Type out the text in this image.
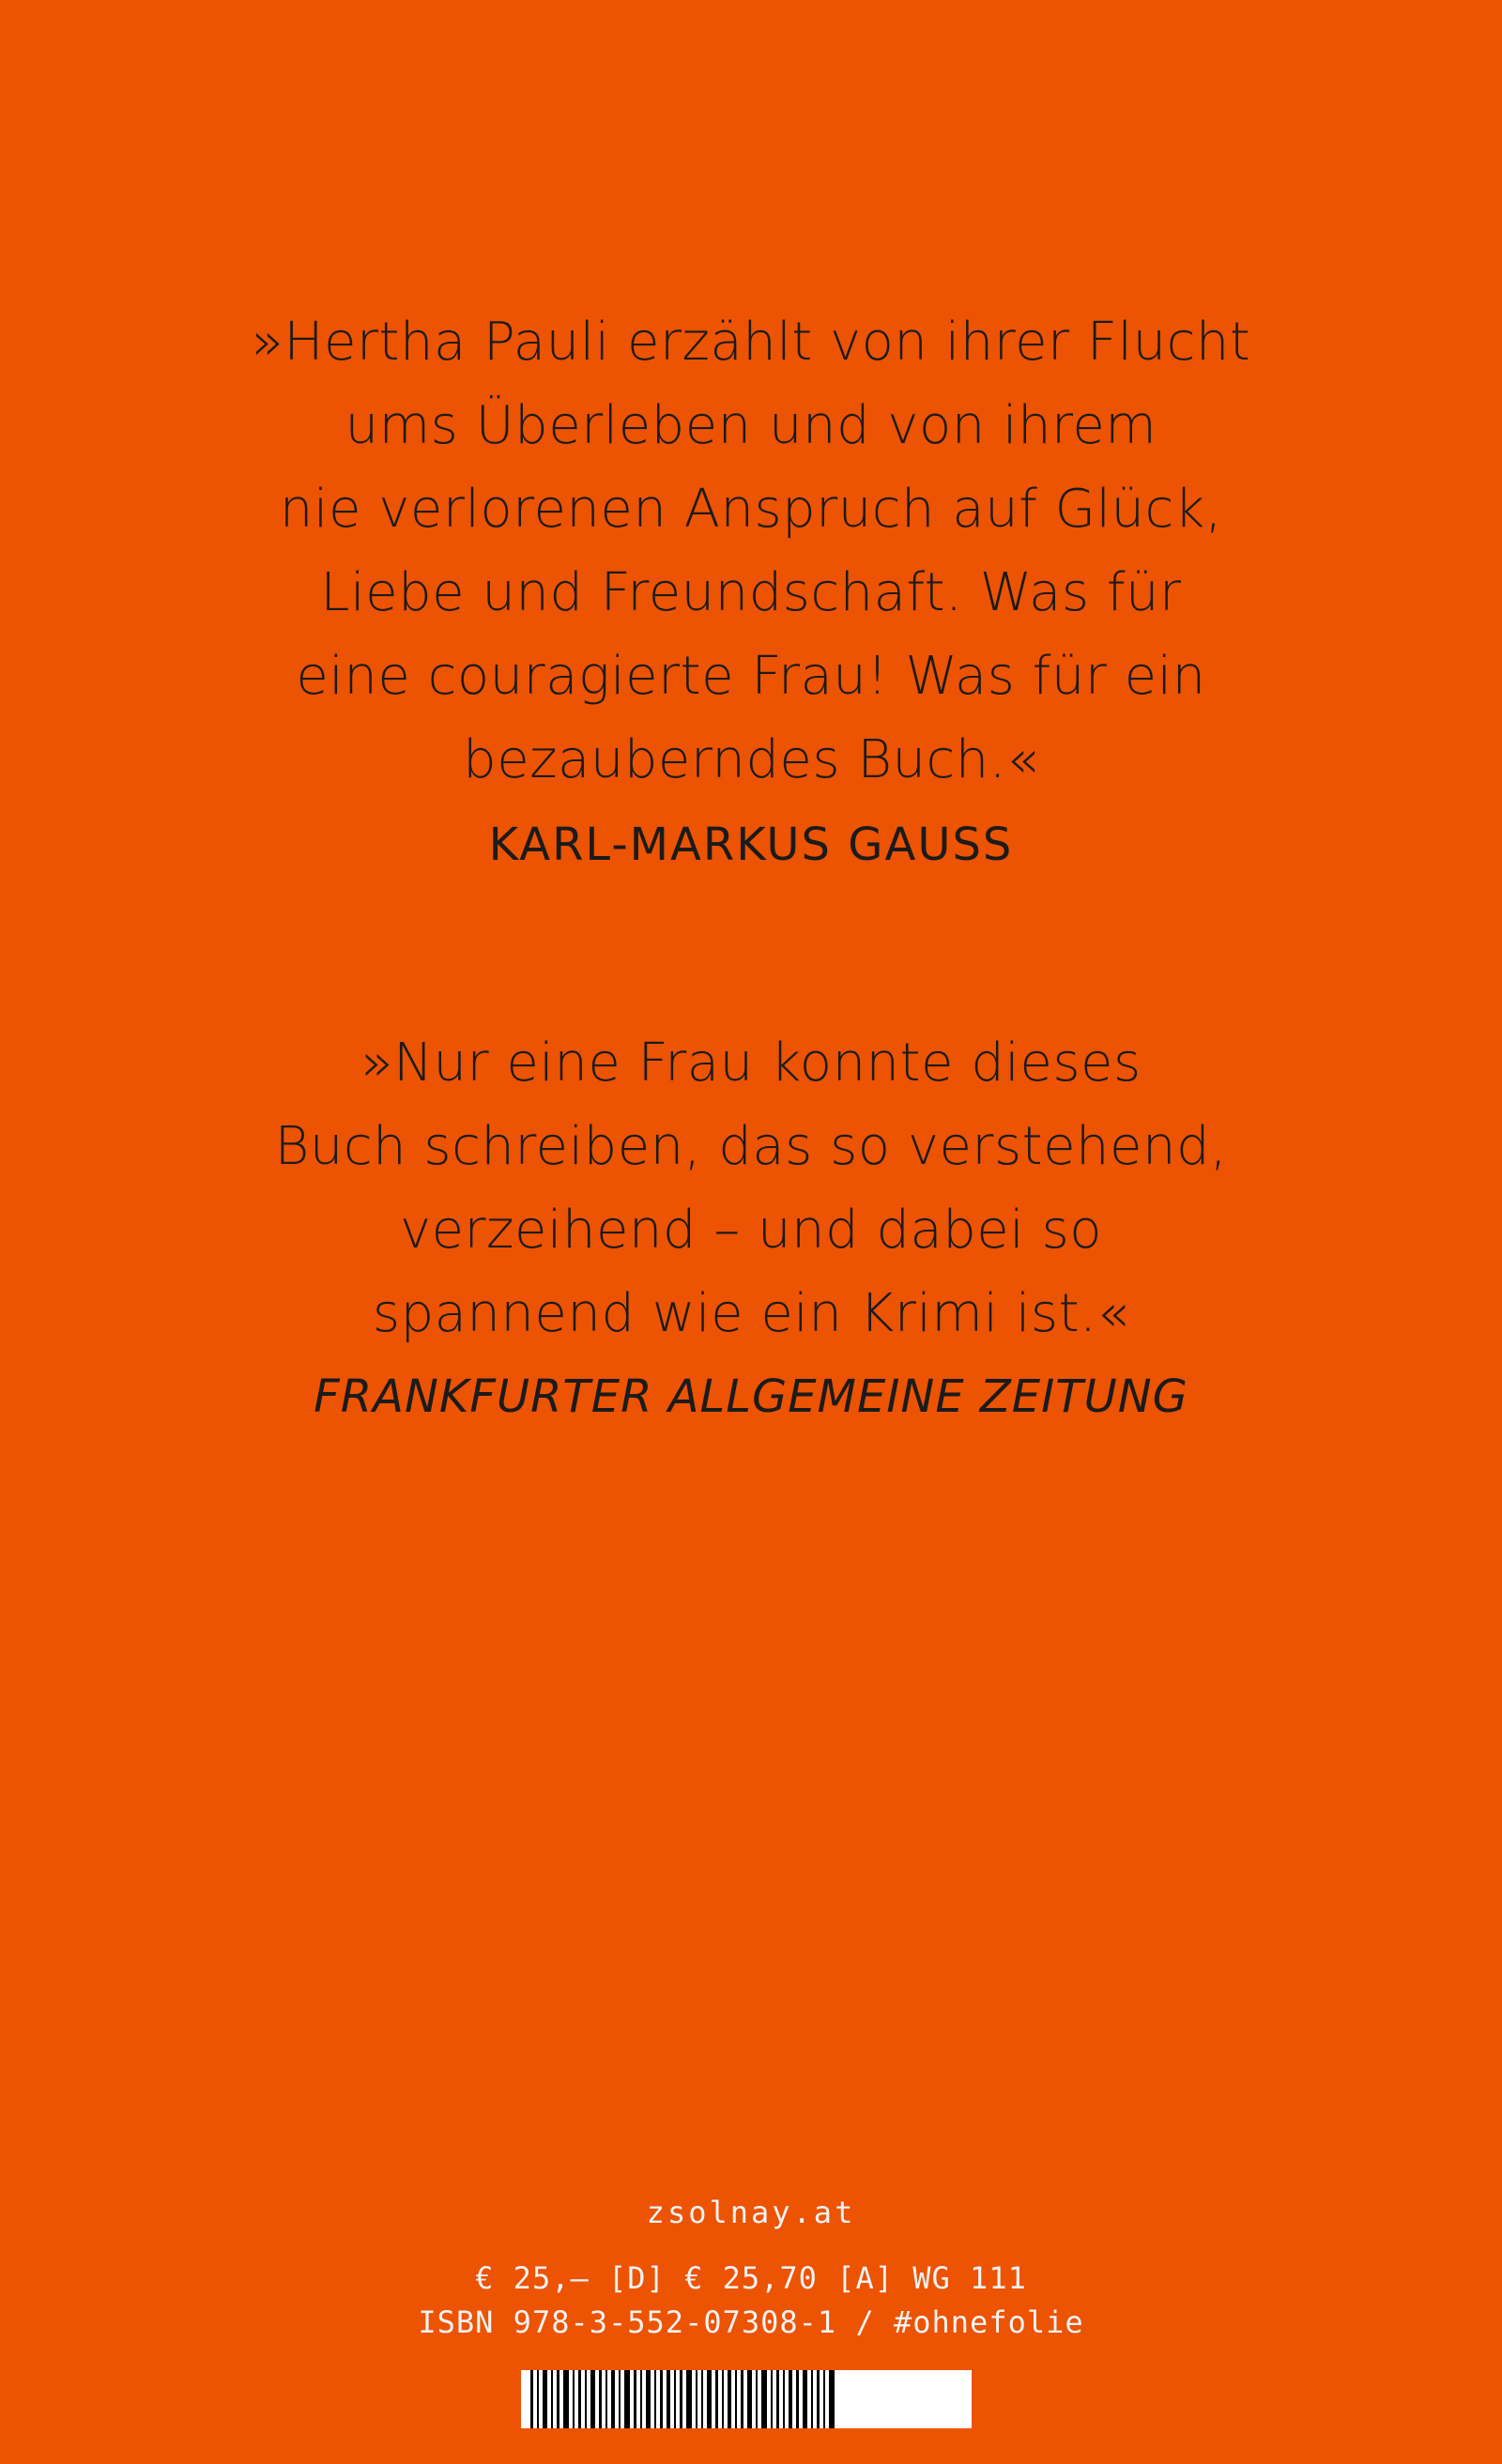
»Hertha Pauli erzählt von ihrer Flucht
ums Überleben und von ihrem
nie verlorenen Anspruch auf Glück,
Liebe und Freundschaft. Was für
eine couragierte Frau! Was für ein
bezauberndes Buch.«
KARL-MARKUS GAUSS
»Nur eine Frau konnte dieses
Buch schreiben, das so verstehend,
verzeihend – und dabei so
spannend wie ein Krimi ist.«
FRANKFURTER ALLGEMEINE ZEITUNG
zsolnay.at
€ 25,– [D] € 25,70 [A] WG 111
ISBN 978-3-552-07308-1 / #ohnefolie
